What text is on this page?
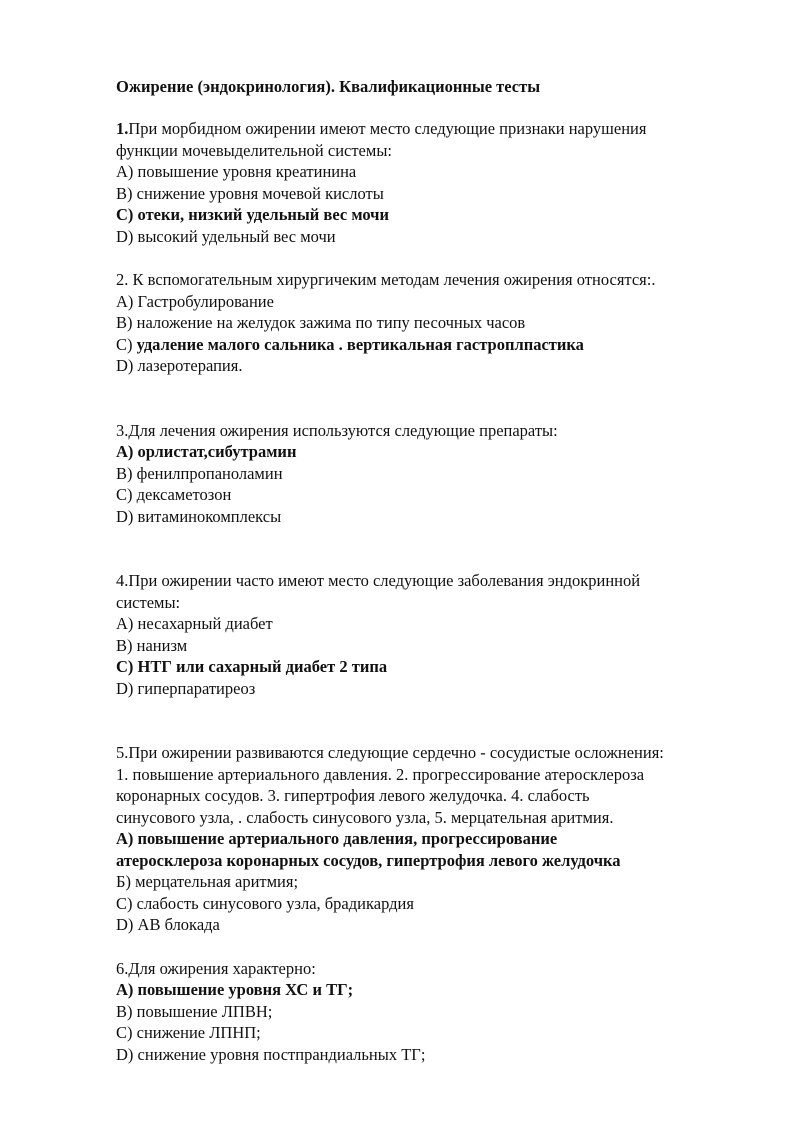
Ожирение (эндокринология). Квалификационные тесты

1.При морбидном ожирении имеют место следующие признаки нарушения

функции мочевыделительной системы:

А) повышение уровня креатинина

В) снижение уровня мочевой кислоты

С) отеки, низкий удельный вес мочи

D) высокий удельный вес мочи

2. К вспомогательным хирургичеким методам лечения ожирения относятся:.

А) Гастробулирование

В) наложение на желудок зажима по типу песочных часов

С) удаление малого сальника . вертикальная гастроплпастика

D) лазеротерапия.

3.Для лечения ожирения используются следующие препараты:

А) орлистат,сибутрамин

В) фенилпропаноламин

С) дексаметозон

D) витаминокомплексы

4.При ожирении часто имеют место следующие заболевания эндокринной

системы:

А) несахарный диабет

В) нанизм

С) НТГ или сахарный диабет 2 типа

D) гиперпаратиреоз

5.При ожирении развиваются следующие сердечно - сосудистые осложнения:

1. повышение артериального давления. 2. прогрессирование атеросклероза

коронарных сосудов. 3. гипертрофия левого желудочка. 4. слабость

синусового узла, . слабость синусового узла, 5. мерцательная аритмия.

А) повышение артериального давления, прогрессирование

атеросклероза коронарных сосудов, гипертрофия левого желудочка

Б) мерцательная аритмия;

С) слабость синусового узла, брадикардия

D) АВ блокада

6.Для ожирения характерно:

А) повышение уровня ХС и ТГ;

В) повышение ЛПВН;

С) снижение ЛПНП;

D) снижение уровня постпрандиальных ТГ;
